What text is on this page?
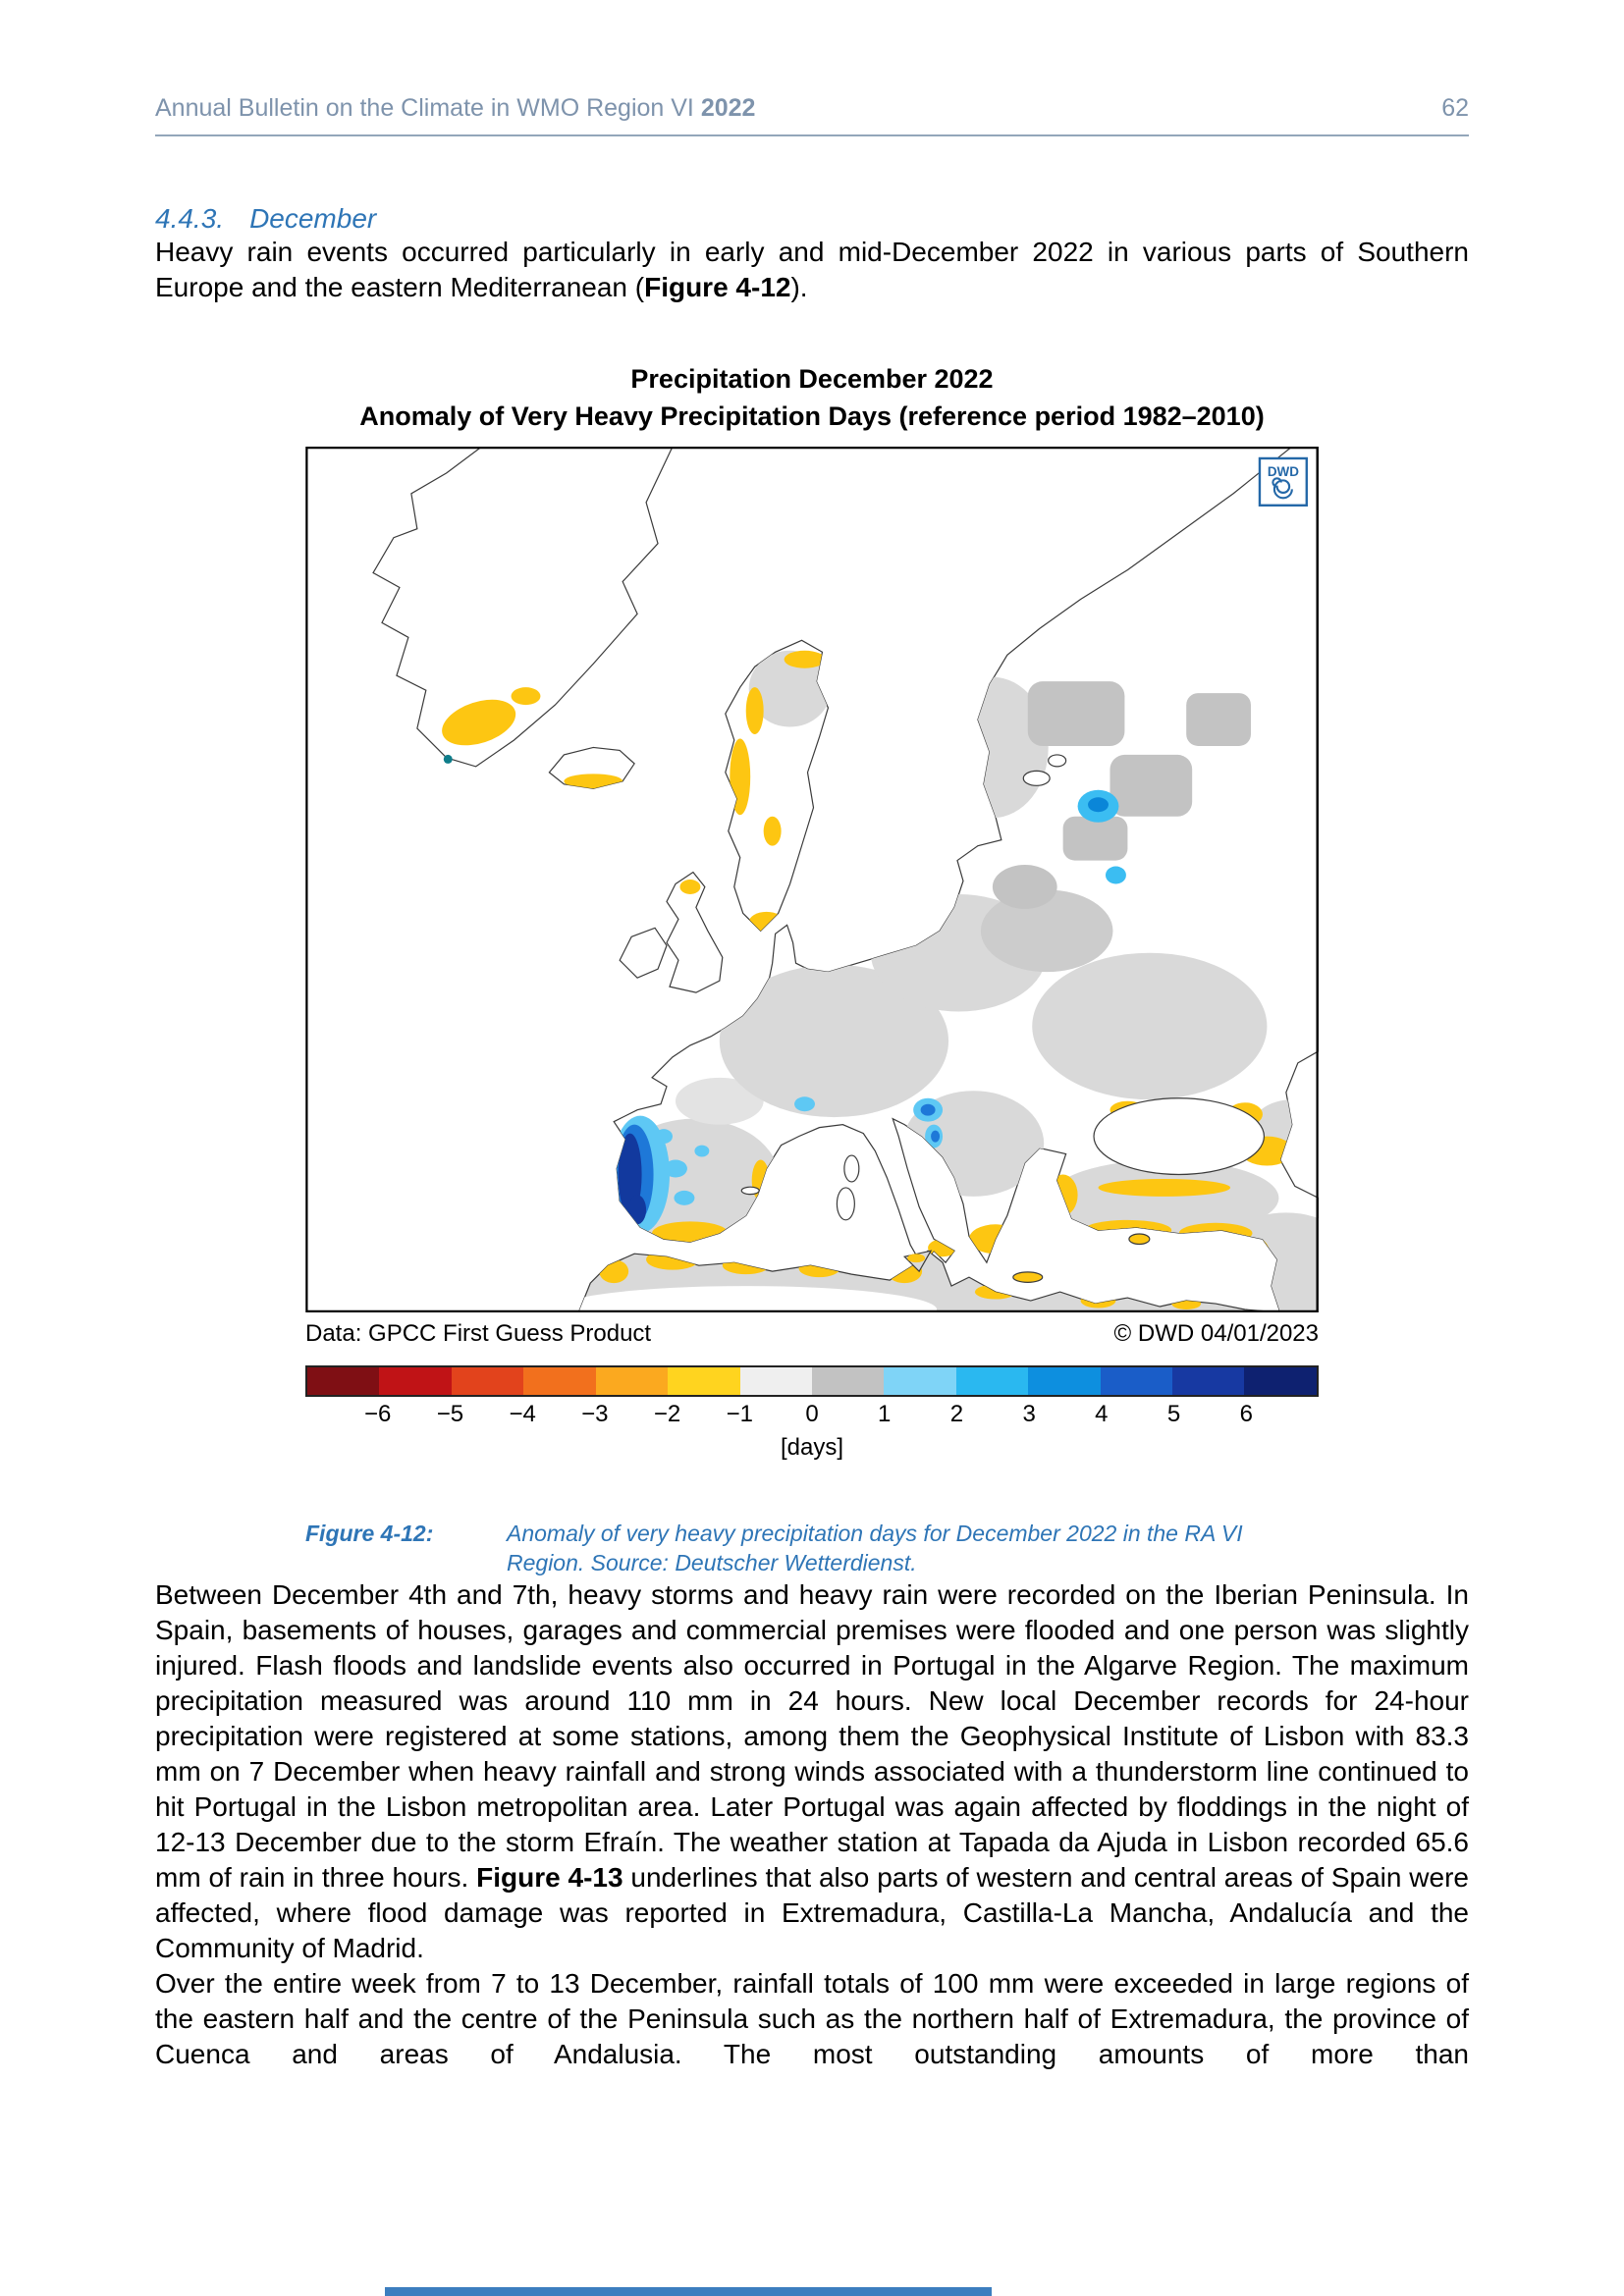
Annual Bulletin on the Climate in WMO Region VI 2022	62
4.4.3. December

Heavy rain events occurred particularly in early and mid-December 2022 in various parts of Southern Europe and the eastern Mediterranean (Figure 4-12).

Precipitation December 2022
Anomaly of Very Heavy Precipitation Days (reference period 1982–2010)
DWD
Data: GPCC First Guess Product	© DWD 04/01/2023
−6 −5 −4 −3 −2 −1 0	1	2	3	4	5	6
[days]
Figure 4-12:	Anomaly of very heavy precipitation days for December 2022 in the RA VI Region. Source: Deutscher Wetterdienst.

Between December 4th and 7th, heavy storms and heavy rain were recorded on the Iberian Peninsula. In Spain, basements of houses, garages and commercial premises were flooded and one person was slightly injured. Flash floods and landslide events also occurred in Portugal in the Algarve Region. The maximum precipitation measured was around 110 mm in 24 hours. New local December records for 24-hour precipitation were registered at some stations, among them the Geophysical Institute of Lisbon with 83.3 mm on 7 December when heavy rainfall and strong winds associated with a thunderstorm line continued to hit Portugal in the Lisbon metropolitan area. Later Portugal was again affected by floddings in the night of 12-13 December due to the storm Efraín. The weather station at Tapada da Ajuda in Lisbon recorded 65.6 mm of rain in three hours. Figure 4-13 underlines that also parts of western and central areas of Spain were affected, where flood damage was reported in Extremadura, Castilla-La Mancha, Andalucía and the Community of Madrid.

Over the entire week from 7 to 13 December, rainfall totals of 100 mm were exceeded in large regions of the eastern half and the centre of the Peninsula such as the northern half of Extremadura, the province of Cuenca and areas of Andalusia. The most outstanding amounts of more than
